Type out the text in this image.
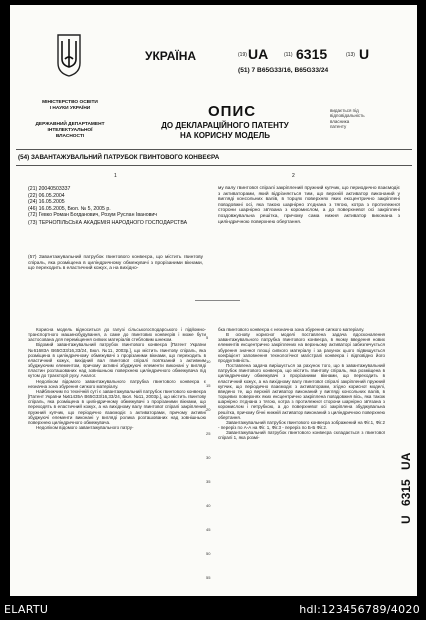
МІНІСТЕРСТВО ОСВІТИ
І НАУКИ УКРАЇНИ
ДЕРЖАВНИЙ ДЕПАРТАМЕНТ
ІНТЕЛЕКТУАЛЬНОЇ
ВЛАСНОСТІ
УКРАЇНА	(19) UA	(11) 6315	(13) U
(51) 7 B65G33/16, B65G33/24
ОПИС
ДО ДЕКЛАРАЦІЙНОГО ПАТЕНТУ
НА КОРИСНУ МОДЕЛЬ
видається під
відповідальність
власника
патенту
(54) ЗАВАНТАЖУВАЛЬНИЙ ПАТРУБОК ГВИНТОВОГО КОНВЕЄРА
1	2
(21) 20040503337
(22) 06.05.2004
(24) 16.05.2005
(46) 16.05.2005, Бюл. № 5, 2005 р.
(72) Гевко Роман Богданович, Розум Руслан Іванович
(73) ТЕРНОПІЛЬСЬКА АКАДЕМІЯ НАРОДНОГО ГОСПОДАРСТВА
(57) Завантажувальний патрубок гвинтового конвеєра, що містить гвинтову спіраль, яка розміщена в циліндричному обмежувачі з прорізаними вікнами, що переходить в еластичний кожух, а на вихідно-
му валу гвинтової спіралі закріплений пружний купчик, що периодично взаємодіє з активаторами, який відрізняється тим, що верхній активатор виконаний у вигляді консольних валів, в торцях поверхнях яких ексцентрично закріплені повздовжні осі, яка такою шарнірно з'єднана з тягою, котра з протилежної сторони шарнірно зв'язана з коромислом, а до поверхневої осі закріплені поздовжувальна решітка, причому сама нижня активатор виконана з циліндричною поверхнею обертання.

Корисна модель відноситься до галузі сільськогосподарського і підйомно-транспортного машинобудування, а саме до гвинтових конвеєрів і може бути застосована для переміщення сипких матеріалів стебловим шнеком.

Відомий завантажувальний патрубок гвинтового конвеєра [Патент України №61683А B65G33/16,33/24, Бюл. №11, 2003р.], що містить гвинтову спіраль, яка розміщена в циліндричному обмежувачі з прорізаними вікнами, що переходить в еластичний кожух, вихідний вал гвинтової спіралі пов'язаний з активним збуджуючим елементом, причому активні збуджуючі елементи виконані у вигляді пластин розташованих над зовнішньою поверхнею циліндричного обмежувача під кутом до траєкторії руху. Аналог.

Недоліком відомого завантажувального патрубка гвинтового конвеєра є незначна зона збурення сипкого матеріалу.

Найближчим по технічній суті є завантажувальний патрубок гвинтового конвеєра [Патент України №61435А B65G33/16,33/24, Бюл. №11, 2003р.], що містить гвинтову спіраль, яка розміщена в циліндричному обмежувачі з прорізаними вікнами, що переходять в еластичний кожух, а на вихідному валу гвинтової спіралі закріплений пружний купчик, що періодично взаємодіє з активаторами, причому активні збуджуючі елементи виконані у вигляді ролика розташованих над зовнішньою поверхнею циліндричного обмежувача.

Недоліком відомого завантажувального патру-

5
10
15
20
25
30
35
40
45
50
55

бка гвинтового конвеєра є незначна зона збурення сипкого матеріалу.

В основу корисної моделі поставлена задача вдосконалення завантажувального патрубка гвинтового конвеєра, в якому введення нових елементів ексцентрично закріплених на верхньому активаторі забезпечується збурення значної площі сипкого матеріалу і за рахунок цього підвищується коефіцієнт заповнення технологічної магістралі конвеєра і відповідно його продуктивність.

Поставлена задача вирішується за рахунок того, що в завантажувальний патрубок гвинтового конвеєра, що містить гвинтову спіраль, яка розміщена в циліндричному обмежувачі з прорізаними вікнами, що переходить в еластичний кожух, а на вихідному валу гвинтової спіралі закріплений пружний купчик, що періодично взаємодіє з активаторами, згідно корисної моделі, введено те, що верхній активатор виконаний у вигляді консольних валів, в торцевих поверхнях яких ексцентрично закріплена повздовжня вісь, яка також шарнірно з'єднана з тягою, котра з протилежної сторони шарнірно зв'язана з коромислом і петрубкою, а до поверхневої осі закріплена збуджувальна решітка, причому бічні нижній активатор виконаний з циліндричною поверхнею обертання.

Завантажувальний патрубок гвинтового конвеєра зображений на Фіг.1, Фіг.2 - переріз по А-А на Фіг. 1, Фіг.3 - переріз по Б-Б Фіг.2.

Завантажувальний патрубок гвинтового конвеєра складається з гвинтової спіралі 1, яка розмі-

U 6315 UA
ELARTU	hdl:123456789/4020
